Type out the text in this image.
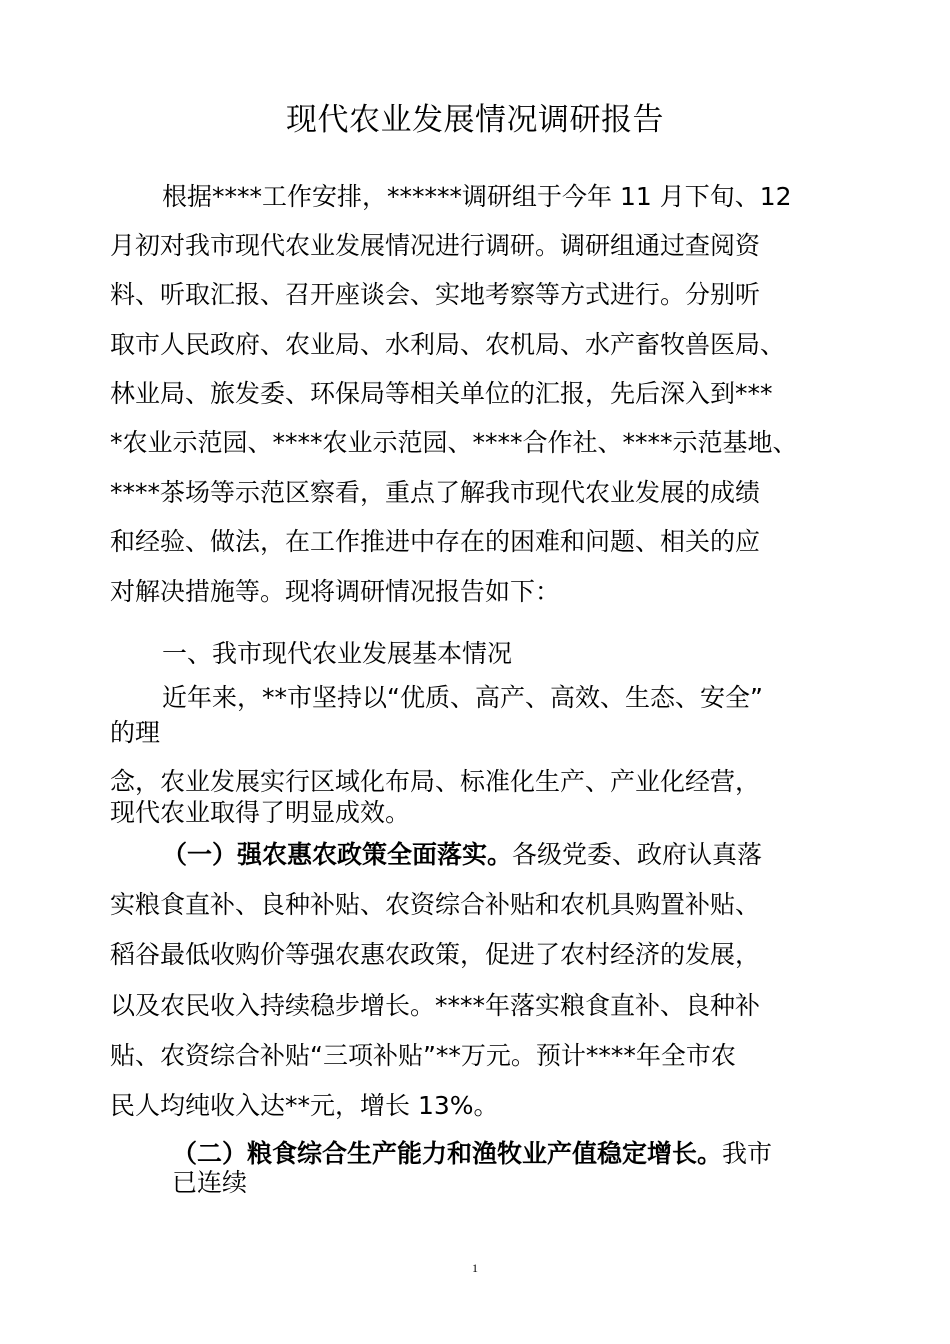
现代农业发展情况调研报告
根据****工作安排，******调研组于今年 11 月下旬、12
月初对我市现代农业发展情况进行调研。调研组通过查阅资
料、听取汇报、召开座谈会、实地考察等方式进行。分别听
取市人民政府、农业局、水利局、农机局、水产畜牧兽医局、
林业局、旅发委、环保局等相关单位的汇报，先后深入到***
*农业示范园、****农业示范园、****合作社、****示范基地、
****茶场等示范区察看，重点了解我市现代农业发展的成绩
和经验、做法，在工作推进中存在的困难和问题、相关的应
对解决措施等。现将调研情况报告如下：
一、我市现代农业发展基本情况
近年来，**市坚持以“优质、高产、高效、生态、安全”
的理
念，农业发展实行区域化布局、标准化生产、产业化经营，
现代农业取得了明显成效。
（一）强农惠农政策全面落实。各级党委、政府认真落
实粮食直补、良种补贴、农资综合补贴和农机具购置补贴、
稻谷最低收购价等强农惠农政策，促进了农村经济的发展，
以及农民收入持续稳步增长。****年落实粮食直补、良种补
贴、农资综合补贴“三项补贴”**万元。预计****年全市农
民人均纯收入达**元，增长 13%。
（二）粮食综合生产能力和渔牧业产值稳定增长。我市
已连续
1
